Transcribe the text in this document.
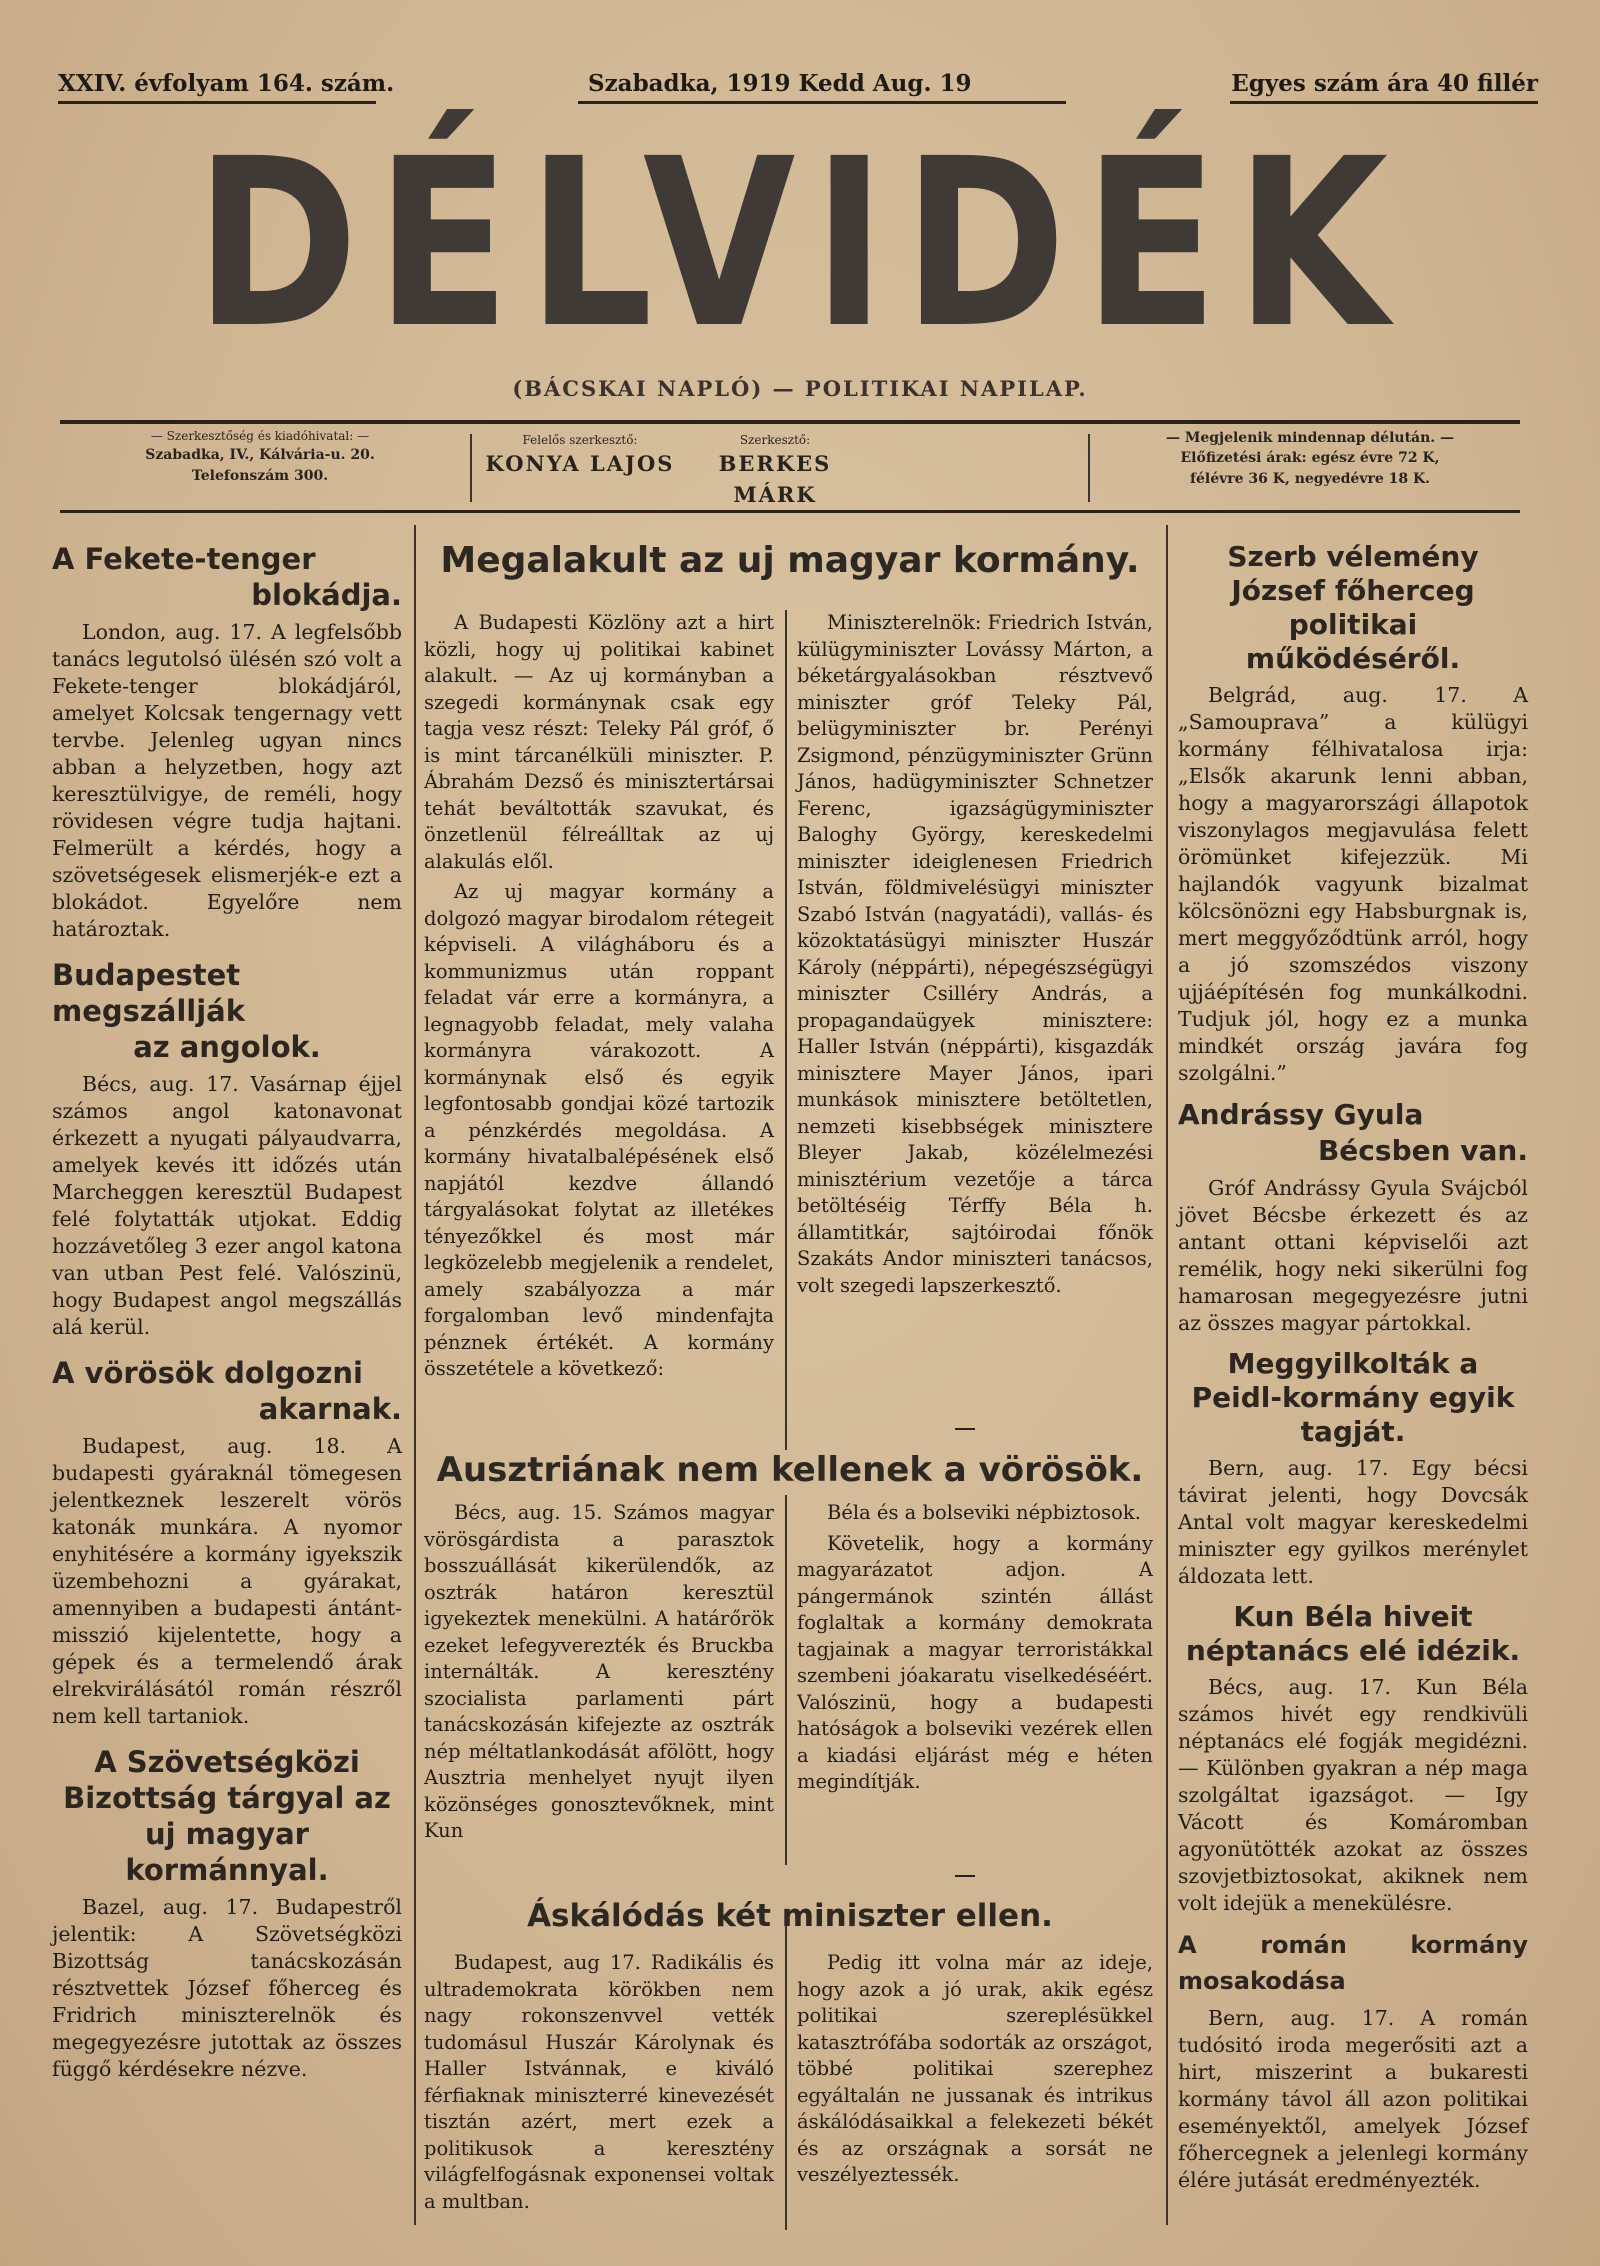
XXIV. évfolyam 164. szám.	Szabadka, 1919 Kedd Aug. 19	Egyes szám ára 40 fillér
DÉLVIDÉK
(BÁCSKAI NAPLÓ) — POLITIKAI NAPILAP.
— Szerkesztőség és kiadóhivatal: —
Szabadka, IV., Kálvária-u. 20.
Telefonszám 300.
Felelős szerkesztő:
KONYA LAJOS
Szerkesztő:
BERKES MÁRK
— Megjelenik mindennap délután. —
Előfizetési árak: egész évre 72 K,
félévre 36 K, negyedévre 18 K.
A Fekete-tenger
blokádja.

London, aug. 17. A legfelsőbb tanács legutolsó ülésén szó volt a Fekete-tenger blokádjáról, amelyet Kolcsak tengernagy vett tervbe. Jelenleg ugyan nincs abban a helyzetben, hogy azt keresztülvigye, de reméli, hogy rövidesen végre tudja hajtani. Felmerült a kérdés, hogy a szövetségesek elismerjék-e ezt a blokádot. Egyelőre nem határoztak.

Budapestet megszállják
az angolok.

Bécs, aug. 17. Vasárnap éjjel számos angol katonavonat érkezett a nyugati pályaudvarra, amelyek kevés itt időzés után Marcheggen keresztül Budapest felé folytatták utjokat. Eddig hozzávetőleg 3 ezer angol katona van utban Pest felé. Valószinü, hogy Budapest angol megszállás alá kerül.

A vörösök dolgozni
akarnak.

Budapest, aug. 18. A budapesti gyáraknál tömegesen jelentkeznek leszerelt vörös katonák munkára. A nyomor enyhitésére a kormány igyekszik üzembehozni a gyárakat, amennyiben a budapesti ántánt-misszió kijelentette, hogy a gépek és a termelendő árak elrekvirálásától román részről nem kell tartaniok.

A Szövetségközi Bizottság tárgyal az uj magyar kormánnyal.

Bazel, aug. 17. Budapestről jelentik: A Szövetségközi Bizottság tanácskozásán résztvettek József főherceg és Fridrich miniszterelnök és megegyezésre jutottak az összes függő kérdésekre nézve.

Megalakult az uj magyar kormány.

A Budapesti Közlöny azt a hirt közli, hogy uj politikai kabinet alakult. — Az uj kormányban a szegedi kormánynak csak egy tagja vesz részt: Teleky Pál gróf, ő is mint tárcanélküli miniszter. P. Ábrahám Dezső és minisztertársai tehát beváltották szavukat, és önzetlenül félreálltak az uj alakulás elől.

Az uj magyar kormány a dolgozó magyar birodalom rétegeit képviseli. A világháboru és a kommunizmus után roppant feladat vár erre a kormányra, a legnagyobb feladat, mely valaha kormányra várakozott. A kormánynak első és egyik legfontosabb gondjai közé tartozik a pénzkérdés megoldása. A kormány hivatalbalépésének első napjától kezdve állandó tárgyalásokat folytat az illetékes tényezőkkel és most már legközelebb megjelenik a rendelet, amely szabályozza a már forgalomban levő mindenfajta pénznek értékét. A kormány összetétele a következő:

Miniszterelnök: Friedrich István, külügyminiszter Lovássy Márton, a béketárgyalásokban résztvevő miniszter gróf Teleky Pál, belügyminiszter br. Perényi Zsigmond, pénzügyminiszter Grünn János, hadügyminiszter Schnetzer Ferenc, igazságügyminiszter Baloghy György, kereskedelmi miniszter ideiglenesen Friedrich István, földmivelésügyi miniszter Szabó István (nagyatádi), vallás- és közoktatásügyi miniszter Huszár Károly (néppárti), népegészségügyi miniszter Csilléry András, a propagandaügyek minisztere: Haller István (néppárti), kisgazdák minisztere Mayer János, ipari munkások minisztere betöltetlen, nemzeti kisebbségek minisztere Bleyer Jakab, közélelmezési minisztérium vezetője a tárca betöltéséig Térffy Béla h. államtitkár, sajtóirodai főnök Szakáts Andor miniszteri tanácsos, volt szegedi lapszerkesztő.

Ausztriának nem kellenek a vörösök.

Bécs, aug. 15. Számos magyar vörösgárdista a parasztok bosszuállását kikerülendők, az osztrák határon keresztül igyekeztek menekülni. A határőrök ezeket lefegyverezték és Bruckba internálták. A keresztény szocialista parlamenti párt tanácskozásán kifejezte az osztrák nép méltatlankodását afölött, hogy Ausztria menhelyet nyujt ilyen közönséges gonosztevőknek, mint Kun

Béla és a bolseviki népbiztosok.

Követelik, hogy a kormány magyarázatot adjon. A pángermánok szintén állást foglaltak a kormány demokrata tagjainak a magyar terroristákkal szembeni jóakaratu viselkedéséért. Valószinü, hogy a budapesti hatóságok a bolseviki vezérek ellen a kiadási eljárást még e héten megindítják.

Áskálódás két miniszter ellen.

Budapest, aug 17. Radikális és ultrademokrata körökben nem nagy rokonszenvvel vették tudomásul Huszár Károlynak és Haller Istvánnak, e kiváló férfiaknak miniszterré kinevezését tisztán azért, mert ezek a politikusok a keresztény világfelfogásnak exponensei voltak a multban.

Pedig itt volna már az ideje, hogy azok a jó urak, akik egész politikai szereplésükkel katasztrófába sodorták az országot, többé politikai szerephez egyáltalán ne jussanak és intrikus áskálódásaikkal a felekezeti békét és az országnak a sorsát ne veszélyeztessék.

Szerb vélemény József főherceg politikai működéséről.

Belgrád, aug. 17. A „Samouprava” a külügyi kormány félhivatalosa irja: „Elsők akarunk lenni abban, hogy a magyarországi állapotok viszonylagos megjavulása felett örömünket kifejezzük. Mi hajlandók vagyunk bizalmat kölcsönözni egy Habsburgnak is, mert meggyőződtünk arról, hogy a jó szomszédos viszony ujjáépítésén fog munkálkodni. Tudjuk jól, hogy ez a munka mindkét ország javára fog szolgálni.”

Andrássy Gyula
Bécsben van.

Gróf Andrássy Gyula Svájcból jövet Bécsbe érkezett és az antant ottani képviselői azt remélik, hogy neki sikerülni fog hamarosan megegyezésre jutni az összes magyar pártokkal.

Meggyilkolták a Peidl-kormány egyik tagját.

Bern, aug. 17. Egy bécsi távirat jelenti, hogy Dovcsák Antal volt magyar kereskedelmi miniszter egy gyilkos merénylet áldozata lett.

Kun Béla hiveit néptanács elé idézik.

Bécs, aug. 17. Kun Béla számos hivét egy rendkivüli néptanács elé fogják megidézni. — Különben gyakran a nép maga szolgáltat igazságot. — Igy Vácott és Komáromban agyonütötték azokat az összes szovjetbiztosokat, akiknek nem volt idejük a menekülésre.

A román kormány mosakodása

Bern, aug. 17. A román tudósitó iroda megerősiti azt a hirt, miszerint a bukaresti kormány távol áll azon politikai eseményektől, amelyek József főhercegnek a jelenlegi kormány élére jutását eredményezték.
